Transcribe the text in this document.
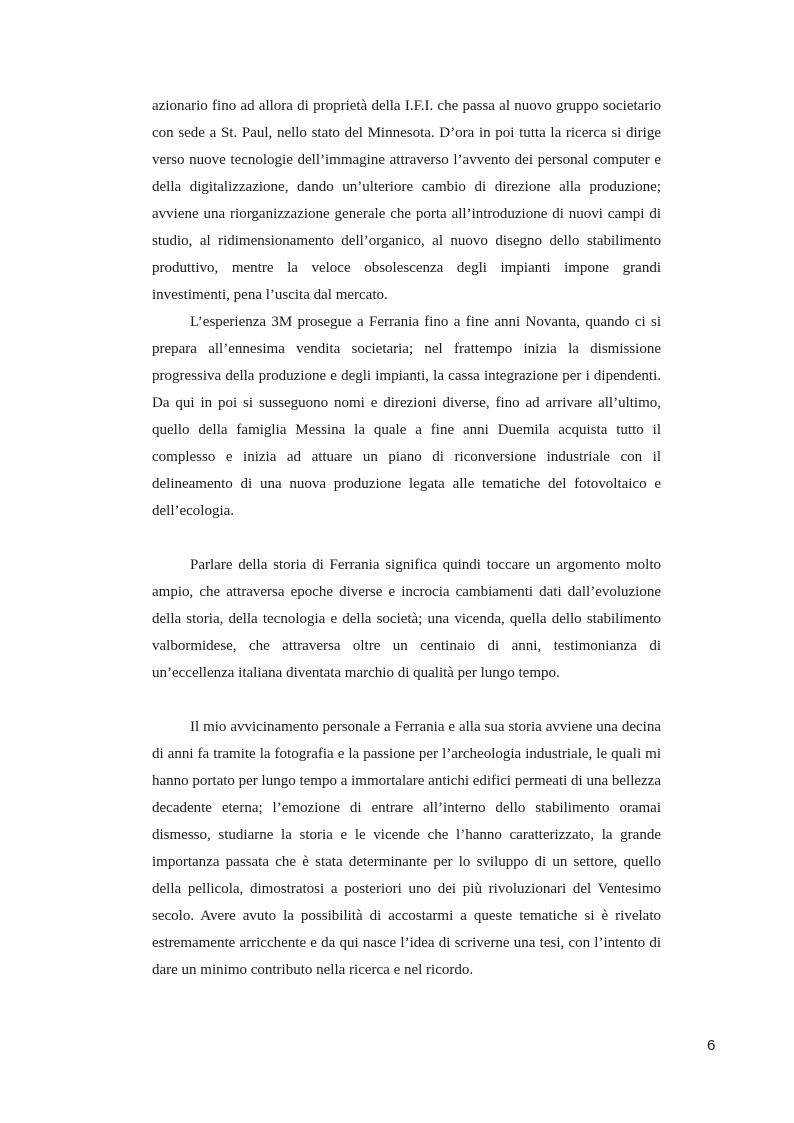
azionario fino ad allora di proprietà della I.F.I. che passa al nuovo gruppo societario con sede a St. Paul, nello stato del Minnesota. D’ora in poi tutta la ricerca si dirige verso nuove tecnologie dell’immagine attraverso l’avvento dei personal computer e della digitalizzazione, dando un’ulteriore cambio di direzione alla produzione; avviene una riorganizzazione generale che porta all’introduzione di nuovi campi di studio, al ridimensionamento dell’organico, al nuovo disegno dello stabilimento produttivo, mentre la veloce obsolescenza degli impianti impone grandi investimenti, pena l’uscita dal mercato.

L’esperienza 3M prosegue a Ferrania fino a fine anni Novanta, quando ci si prepara all’ennesima vendita societaria; nel frattempo inizia la dismissione progressiva della produzione e degli impianti, la cassa integrazione per i dipendenti. Da qui in poi si susseguono nomi e direzioni diverse, fino ad arrivare all’ultimo, quello della famiglia Messina la quale a fine anni Duemila acquista tutto il complesso e inizia ad attuare un piano di riconversione industriale con il delineamento di una nuova produzione legata alle tematiche del fotovoltaico e dell’ecologia.

Parlare della storia di Ferrania significa quindi toccare un argomento molto ampio, che attraversa epoche diverse e incrocia cambiamenti dati dall’evoluzione della storia, della tecnologia e della società; una vicenda, quella dello stabilimento valbormidese, che attraversa oltre un centinaio di anni, testimonianza di un’eccellenza italiana diventata marchio di qualità per lungo tempo.

Il mio avvicinamento personale a Ferrania e alla sua storia avviene una decina di anni fa tramite la fotografia e la passione per l’archeologia industriale, le quali mi hanno portato per lungo tempo a immortalare antichi edifici permeati di una bellezza decadente eterna; l’emozione di entrare all’interno dello stabilimento oramai dismesso, studiarne la storia e le vicende che l’hanno caratterizzato, la grande importanza passata che è stata determinante per lo sviluppo di un settore, quello della pellicola, dimostratosi a posteriori uno dei più rivoluzionari del Ventesimo secolo. Avere avuto la possibilità di accostarmi a queste tematiche si è rivelato estremamente arricchente e da qui nasce l’idea di scriverne una tesi, con l’intento di dare un minimo contributo nella ricerca e nel ricordo.

6
